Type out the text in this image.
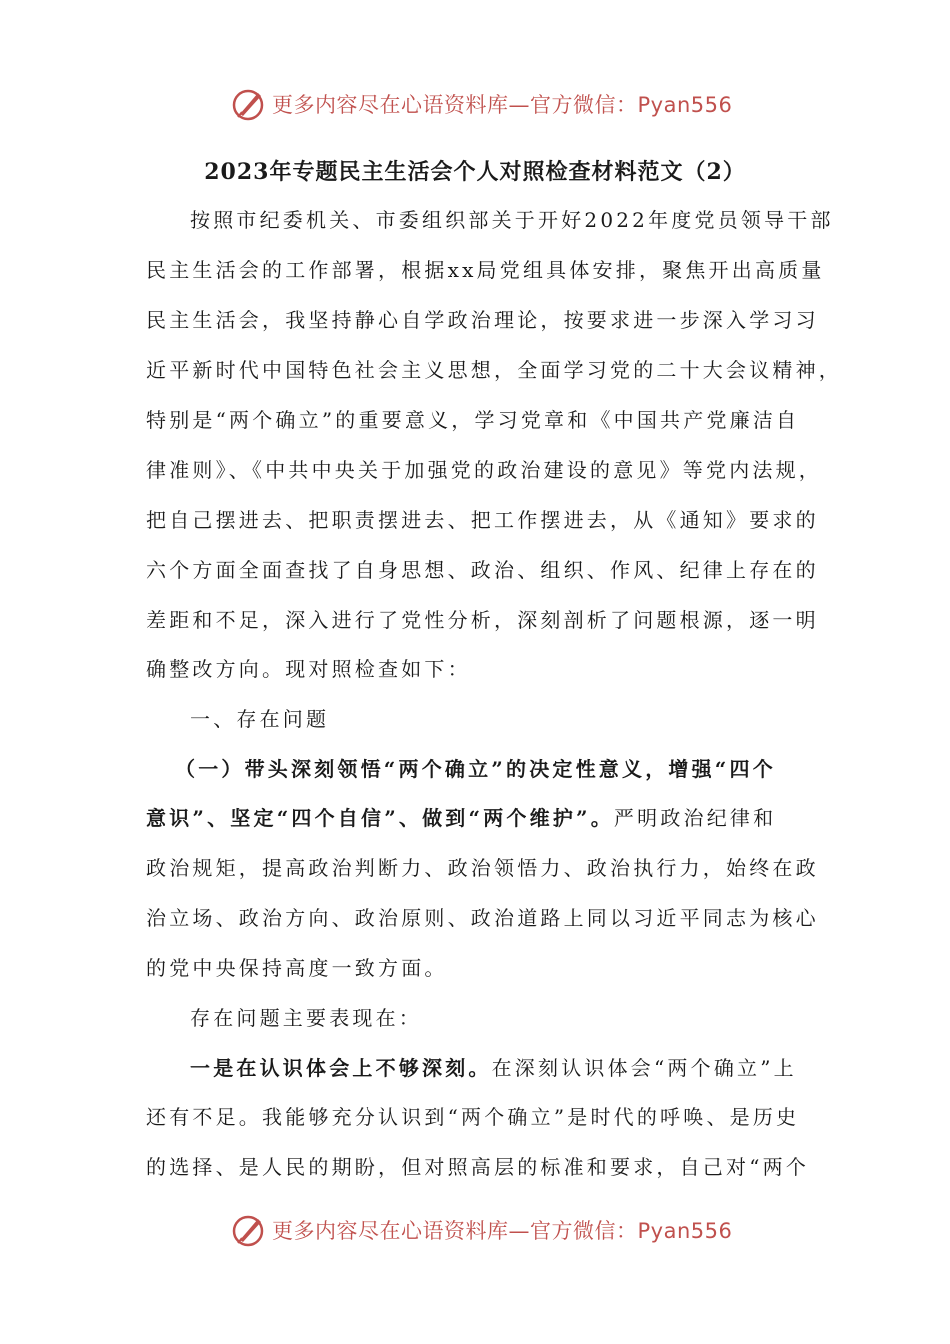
更多内容尽在心语资料库—官方微信：Pyan556
2023年专题民主生活会个人对照检查材料范文（2）
按照市纪委机关、市委组织部关于开好2022年度党员领导干部
民主生活会的工作部署，根据xx局党组具体安排，聚焦开出高质量
民主生活会，我坚持静心自学政治理论，按要求进一步深入学习习
近平新时代中国特色社会主义思想，全面学习党的二十大会议精神，
特别是“两个确立”的重要意义，学习党章和《中国共产党廉洁自
律准则》、《中共中央关于加强党的政治建设的意见》等党内法规，
把自己摆进去、把职责摆进去、把工作摆进去，从《通知》要求的
六个方面全面查找了自身思想、政治、组织、作风、纪律上存在的
差距和不足，深入进行了党性分析，深刻剖析了问题根源，逐一明
确整改方向。现对照检查如下：
一、存在问题
（一）带头深刻领悟“两个确立”的决定性意义，增强“四个
意识”、坚定“四个自信”、做到“两个维护”。严明政治纪律和
政治规矩，提高政治判断力、政治领悟力、政治执行力，始终在政
治立场、政治方向、政治原则、政治道路上同以习近平同志为核心
的党中央保持高度一致方面。
存在问题主要表现在：
一是在认识体会上不够深刻。在深刻认识体会“两个确立”上
还有不足。我能够充分认识到“两个确立”是时代的呼唤、是历史
的选择、是人民的期盼，但对照高层的标准和要求，自己对“两个
更多内容尽在心语资料库—官方微信：Pyan556
